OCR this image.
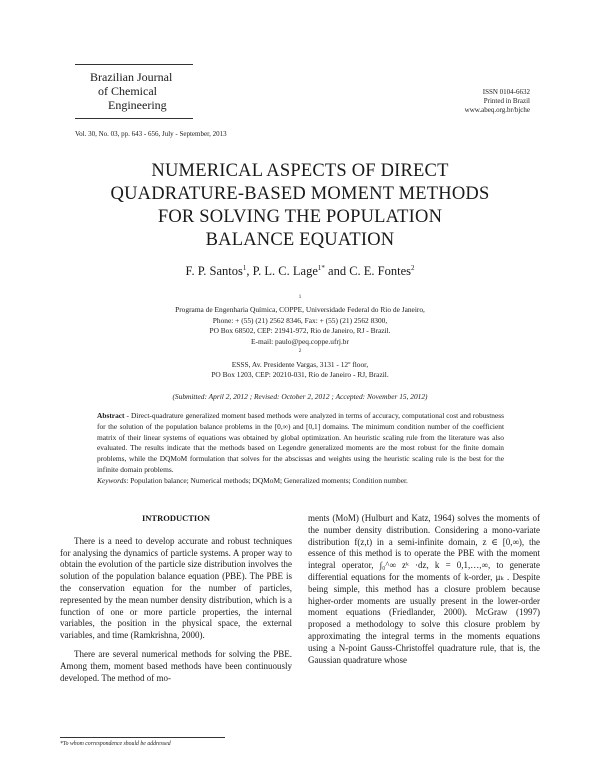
Brazilian Journal
of Chemical
Engineering
ISSN 0104-6632
Printed in Brazil
www.abeq.org.br/bjche
Vol. 30, No. 03, pp. 643 - 656, July - September, 2013
NUMERICAL ASPECTS OF DIRECT
QUADRATURE-BASED MOMENT METHODS
FOR SOLVING THE POPULATION
BALANCE EQUATION
F. P. Santos$^1$, P. L. C. Lage$^{1*}$ and C. E. Fontes$^2$
$^1$
Programa de Engenharia Química, COPPE, Universidade Federal do Rio de Janeiro,
Phone: + (55) (21) 2562 8346, Fax: + (55) (21) 2562 8300,
PO Box 68502, CEP: 21941-972, Rio de Janeiro, RJ - Brazil.
E-mail: paulo@peq.coppe.ufrj.br
$^2$
ESSS, Av. Presidente Vargas, 3131 - 12º floor,
PO Box 1203, CEP: 20210-031, Rio de Janeiro - RJ, Brazil.
(Submitted: April 2, 2012 ; Revised: October 2, 2012 ; Accepted: November 15, 2012)
Abstract - Direct-quadrature generalized moment based methods were analyzed in terms of accuracy, computational cost and robustness for the solution of the population balance problems in the [0,∞) and [0,1] domains. The minimum condition number of the coefficient matrix of their linear systems of equations was obtained by global optimization. An heuristic scaling rule from the literature was also evaluated. The results indicate that the methods based on Legendre generalized moments are the most robust for the finite domain problems, while the DQMoM formulation that solves for the abscissas and weights using the heuristic scaling rule is the best for the infinite domain problems.
Keywords: Population balance; Numerical methods; DQMoM; Generalized moments; Condition number.
INTRODUCTION

There is a need to develop accurate and robust techniques for analysing the dynamics of particle systems. A proper way to obtain the evolution of the particle size distribution involves the solution of the population balance equation (PBE). The PBE is the conservation equation for the number of particles, represented by the mean number density distribution, which is a function of one or more particle properties, the internal variables, the position in the physical space, the external variables, and time (Ramkrishna, 2000).

There are several numerical methods for solving the PBE. Among them, moment based methods have been continuously developed. The method of mo-

ments (MoM) (Hulburt and Katz, 1964) solves the moments of the number density distribution. Considering a mono-variate distribution f(z,t) in a semi-infinite domain, z ∈ [0,∞), the essence of this method is to operate the PBE with the moment integral operator, ∫₀^∞ zᵏ ·dz, k = 0,1,…,∞, to generate differential equations for the moments of k-order, μₖ . Despite being simple, this method has a closure problem because higher-order moments are usually present in the lower-order moment equations (Friedlander, 2000). McGraw (1997) proposed a methodology to solve this closure problem by approximating the integral terms in the moments equations using a N-point Gauss-Christoffel quadrature rule, that is, the Gaussian quadrature whose

*To whom correspondence should be addressed
